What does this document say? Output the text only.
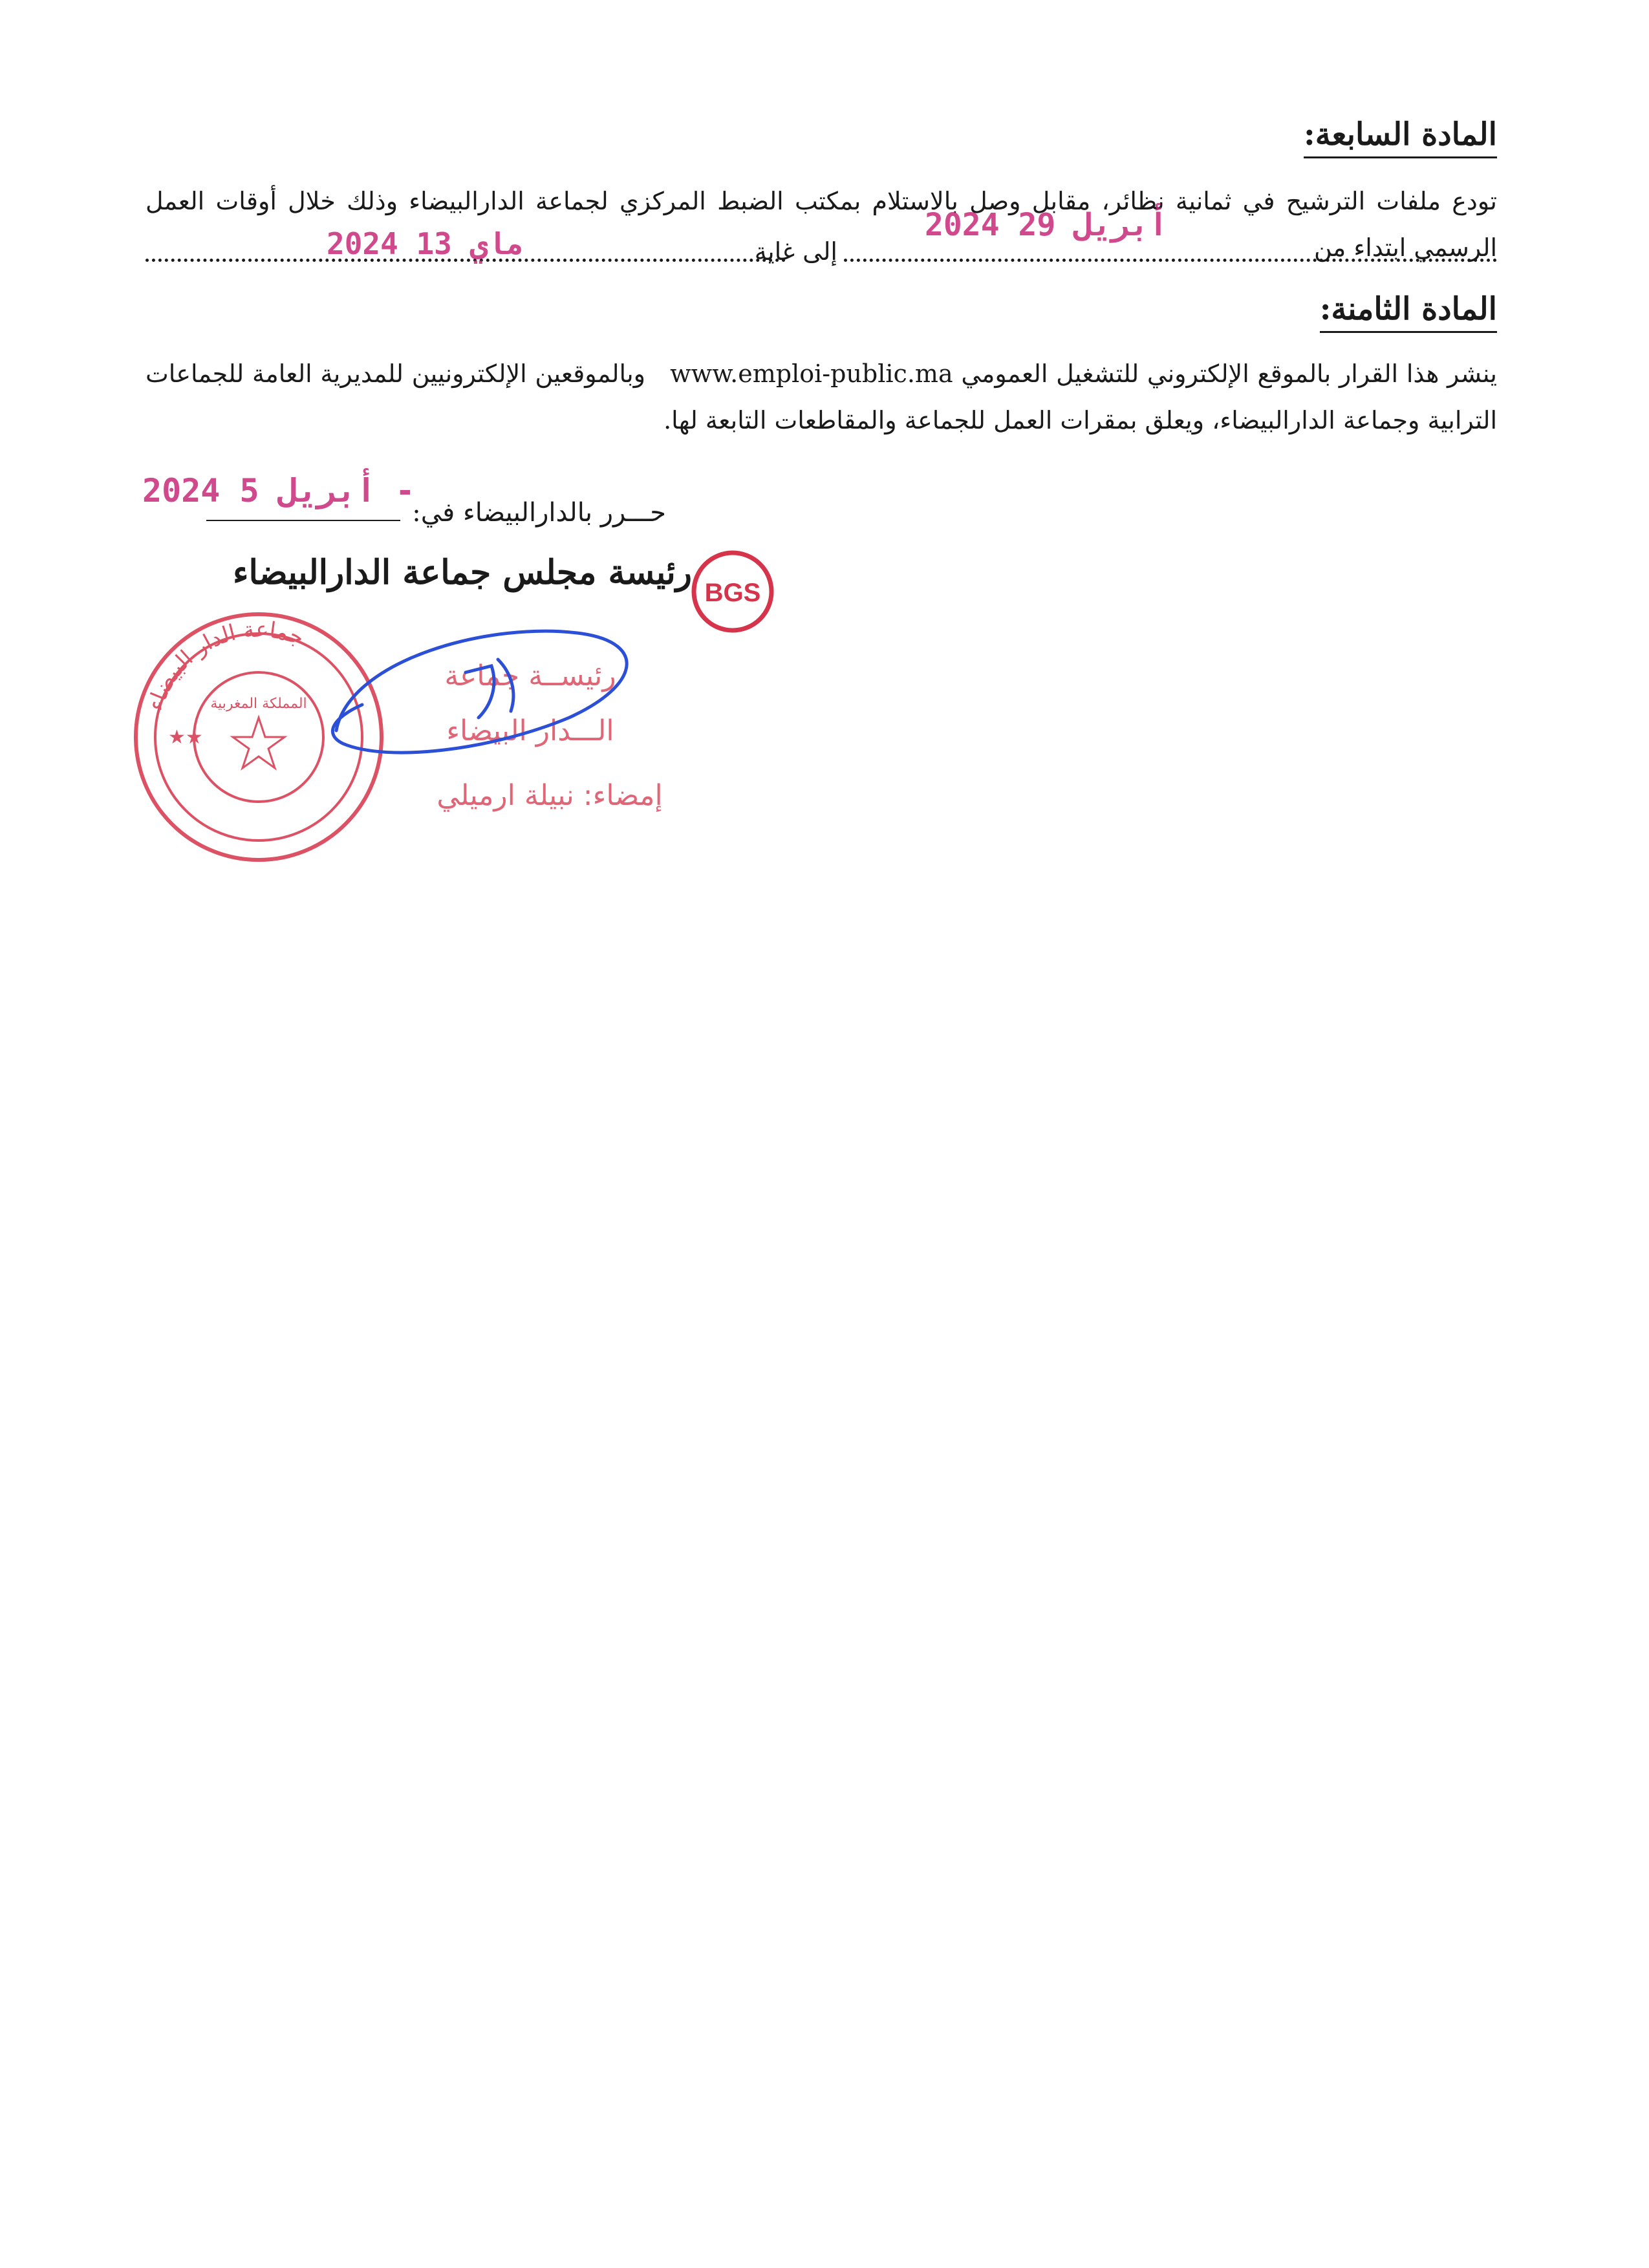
المادة السابعة:
تودع ملفات الترشيح في ثمانية نظائر، مقابل وصل بالاستلام بمكتب الضبط المركزي لجماعة الدارالبيضاء وذلك خلال أوقات العمل الرسمي ابتداء من
إلى غاية
2024 أبريل 29
2024 ماي 13
المادة الثامنة:
ينشر هذا القرار بالموقع الإلكتروني للتشغيل العمومي www.emploi-public.ma   وبالموقعين الإلكترونيين للمديرية العامة للجماعات الترابية وجماعة الدارالبيضاء، ويعلق بمقرات العمل للجماعة والمقاطعات التابعة لها.
حـــرر بالدارالبيضاء في:
2024 أبريل 5 -
رئيسة مجلس جماعة الدارالبيضاء
BGS
جماعة الدار البيضاء
المملكة المغربية
★★
رئيســة جماعة
الـــدار البيضاء
إمضاء: نبيلة ارميلي
